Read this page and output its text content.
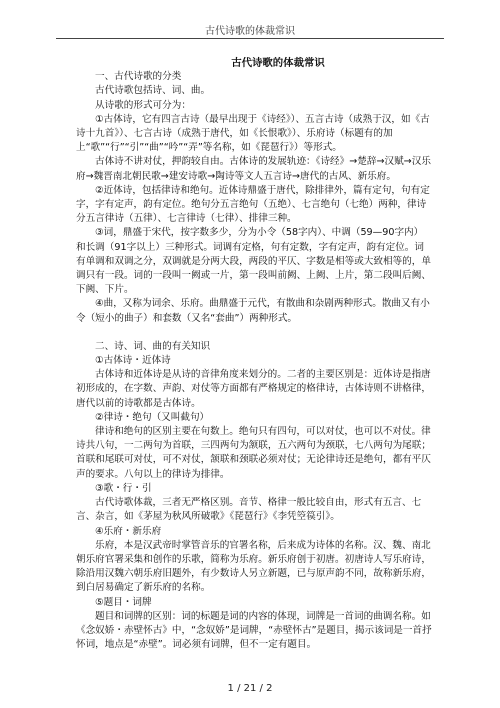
古代诗歌的体裁常识

古代诗歌的体裁常识

一、古代诗歌的分类

古代诗歌包括诗、词、曲。

从诗歌的形式可分为：

①古体诗，它有四言古诗（最早出现于《诗经》）、五言古诗（成熟于汉，如《古诗十九首》）、七言古诗（成熟于唐代，如《长恨歌》）、乐府诗（标题有的加上“歌”“行”“引”“曲”“吟”“弄”等名称，如《琵琶行》）等形式。

古体诗不讲对仗，押韵较自由。古体诗的发展轨迹：《诗经》→楚辞→汉赋→汉乐府→魏晋南北朝民歌→建安诗歌→陶诗等文人五言诗→唐代的古风、新乐府。

②近体诗，包括律诗和绝句。近体诗鼎盛于唐代，除排律外，篇有定句，句有定字，字有定声，韵有定位。绝句分五言绝句（五绝）、七言绝句（七绝）两种，律诗分五言律诗（五律）、七言律诗（七律）、排律三种。

③词，鼎盛于宋代，按字数多少，分为小令（58字内）、中调（59—90字内）和长调（91字以上）三种形式。词调有定格，句有定数，字有定声，韵有定位。词有单调和双调之分，双调就是分两大段，两段的平仄、字数是相等或大致相等的，单调只有一段。词的一段叫一阙或一片，第一段叫前阙、上阙、上片，第二段叫后阙、下阙、下片。

④曲，又称为词余、乐府。曲鼎盛于元代，有散曲和杂剧两种形式。散曲又有小令（短小的曲子）和套数（又名“套曲”）两种形式。

二、诗、词、曲的有关知识

①古体诗・近体诗

古体诗和近体诗是从诗的音律角度来划分的。二者的主要区别是：近体诗是指唐初形成的，在字数、声韵、对仗等方面都有严格规定的格律诗，古体诗则不讲格律，唐代以前的诗歌都是古体诗。

②律诗・绝句（又叫截句）

律诗和绝句的区别主要在句数上。绝句只有四句，可以对仗，也可以不对仗。律诗共八句，一二两句为首联，三四两句为颔联，五六两句为颈联，七八两句为尾联；首联和尾联可对仗，可不对仗，颔联和颈联必须对仗；无论律诗还是绝句，都有平仄声的要求。八句以上的律诗为排律。

③歌・行・引

古代诗歌体裁，三者无严格区别。音节、格律一般比较自由，形式有五言、七言、杂言，如《茅屋为秋风所破歌》《琵琶行》《李凭箜篌引》。

④乐府・新乐府

乐府，本是汉武帝时掌管音乐的官署名称，后来成为诗体的名称。汉、魏、南北朝乐府官署采集和创作的乐歌，简称为乐府。新乐府创于初唐。初唐诗人写乐府诗，除沿用汉魏六朝乐府旧题外，有少数诗人另立新题，已与原声韵不同，故称新乐府，到白居易确定了新乐府的名称。

⑤题目・词牌

题目和词牌的区别：词的标题是词的内容的体现，词牌是一首词的曲调名称。如《念奴娇・赤壁怀古》中，“念奴娇”是词牌，“赤壁怀古”是题目，揭示该词是一首抒怀词，地点是“赤壁”。词必须有词牌，但不一定有题目。

1 / 21 / 2
